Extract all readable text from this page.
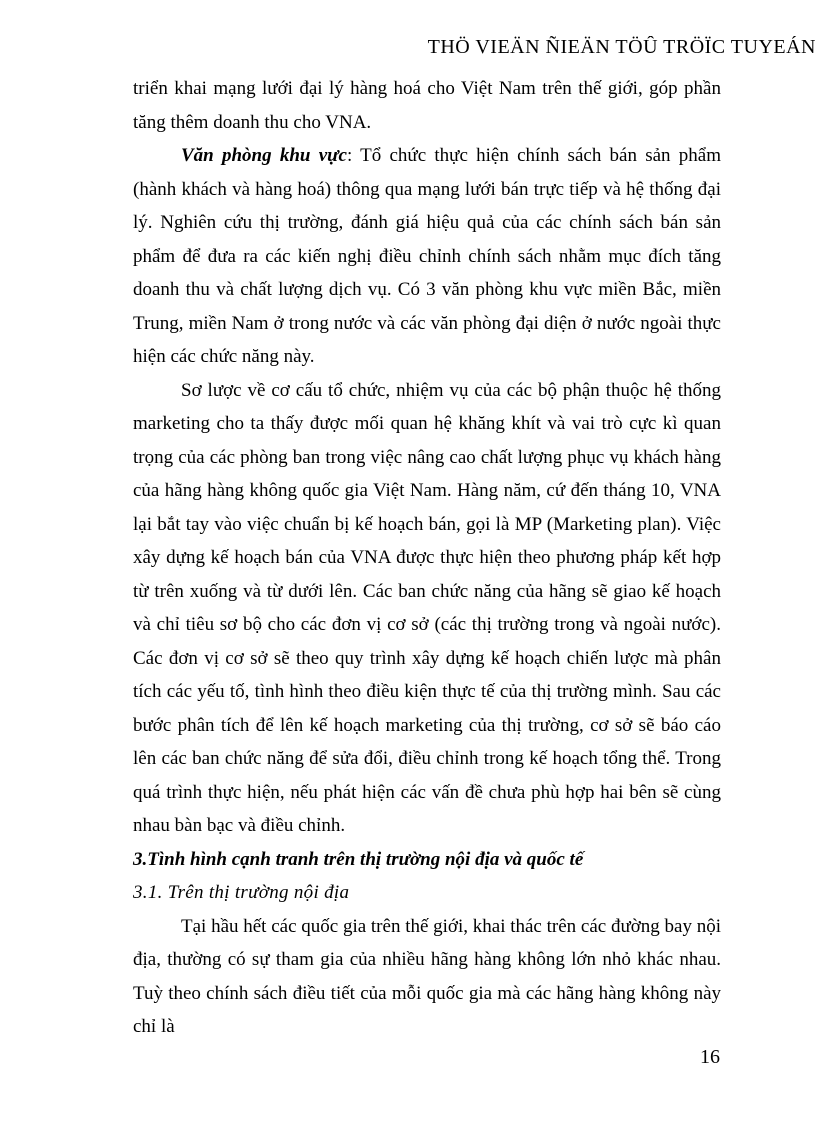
THÖ VIEÄN ÑIEÄN TÖÛ TRÖÏC TUYEÁN

triển khai mạng lưới đại lý hàng hoá cho Việt Nam trên thế giới, góp phần tăng thêm doanh thu cho VNA.

Văn phòng khu vực: Tổ chức thực hiện chính sách bán sản phẩm (hành khách và hàng hoá) thông qua mạng lưới bán trực tiếp và hệ thống đại lý. Nghiên cứu thị trường, đánh giá hiệu quả của các chính sách bán sản phẩm để đưa ra các kiến nghị điều chỉnh chính sách nhằm mục đích tăng doanh thu và chất lượng dịch vụ. Có 3 văn phòng khu vực miền Bắc, miền Trung, miền Nam ở trong nước và các văn phòng đại diện ở nước ngoài thực hiện các chức năng này.

Sơ lược về cơ cấu tổ chức, nhiệm vụ của các bộ phận thuộc hệ thống marketing cho ta thấy được mối quan hệ khăng khít và vai trò cực kì quan trọng của các phòng ban trong việc nâng cao chất lượng phục vụ khách hàng của hãng hàng không quốc gia Việt Nam. Hàng năm, cứ đến tháng 10, VNA lại bắt tay vào việc chuẩn bị kế hoạch bán, gọi là MP (Marketing plan). Việc xây dựng kế hoạch bán của VNA được thực hiện theo phương pháp kết hợp từ trên xuống và từ dưới lên. Các ban chức năng của hãng sẽ giao kế hoạch và chỉ tiêu sơ bộ cho các đơn vị cơ sở (các thị trường trong và ngoài nước). Các đơn vị cơ sở sẽ theo quy trình xây dựng kế hoạch chiến lược mà phân tích các yếu tố, tình hình theo điều kiện thực tế của thị trường mình. Sau các bước phân tích để lên kế hoạch marketing của thị trường, cơ sở sẽ báo cáo lên các ban chức năng để sửa đổi, điều chỉnh trong kế hoạch tổng thể. Trong quá trình thực hiện, nếu phát hiện các vấn đề chưa phù hợp hai bên sẽ cùng nhau bàn bạc và điều chỉnh.

3.Tình hình cạnh tranh trên thị trường nội địa và quốc tế

3.1. Trên thị trường nội địa

Tại hầu hết các quốc gia trên thế giới, khai thác trên các đường bay nội địa, thường có sự tham gia của nhiều hãng hàng không lớn nhỏ khác nhau. Tuỳ theo chính sách điều tiết của mỗi quốc gia mà các hãng hàng không này chỉ là

16
